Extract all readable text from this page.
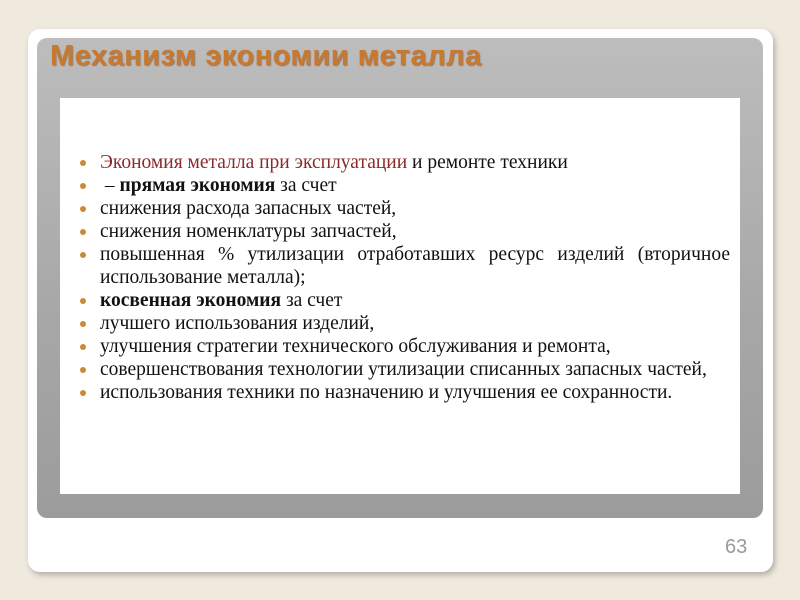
Механизм экономии металла
Экономия металла при эксплуатации и ремонте техники
– прямая экономия за счет
снижения расхода запасных частей,
снижения номенклатуры запчастей,
повышенная % утилизации отработавших ресурс изделий (вторичное использование металла);
косвенная экономия за счет
лучшего использования изделий,
улучшения стратегии технического обслуживания и ремонта,
совершенствования технологии утилизации списанных запасных частей,
использования техники по назначению и улучшения ее сохранности.
63
